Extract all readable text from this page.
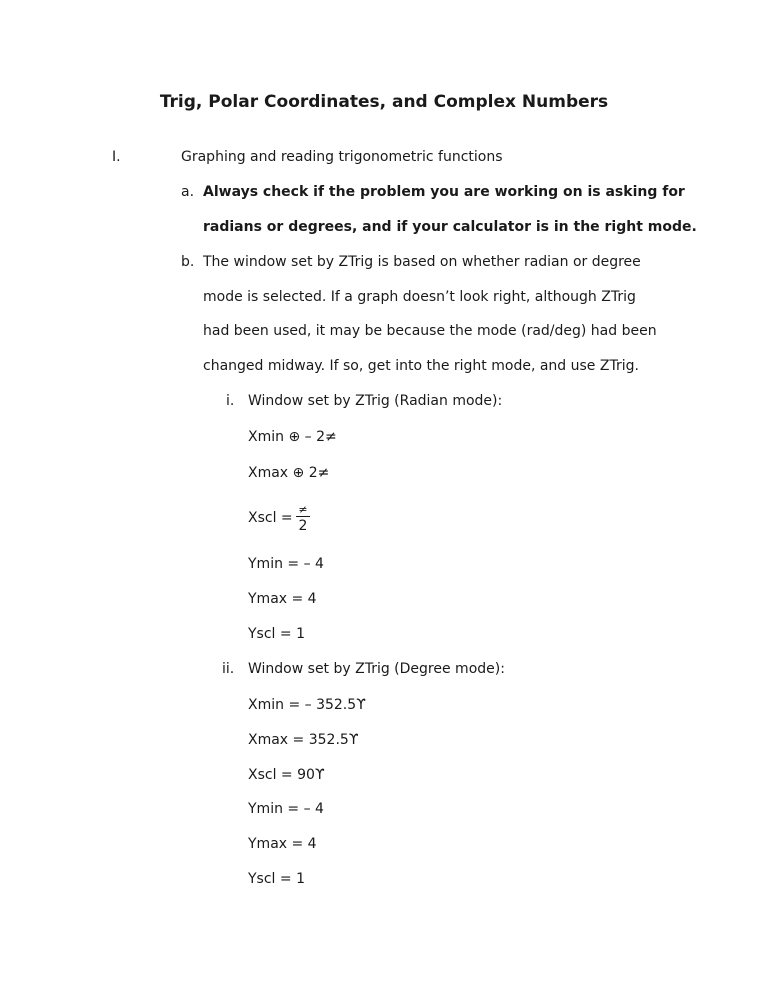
Trig, Polar Coordinates, and Complex Numbers
I.	Graphing and reading trigonometric functions
a. Always check if the problem you are working on is asking for
radians or degrees, and if your calculator is in the right mode.
b. The window set by ZTrig is based on whether radian or degree
mode is selected. If a graph doesn’t look right, although ZTrig
had been used, it may be because the mode (rad/deg) had been
changed midway. If so, get into the right mode, and use ZTrig.
i. Window set by ZTrig (Radian mode):
Xmin ⊕ – 2≠
Xmax ⊕ 2≠
Xscl =
≠
2
Ymin = – 4
Ymax = 4
Yscl = 1
ii. Window set by ZTrig (Degree mode):
Xmin = – 352.5ϒ
Xmax = 352.5ϒ
Xscl = 90ϒ
Ymin = – 4
Ymax = 4
Yscl = 1
